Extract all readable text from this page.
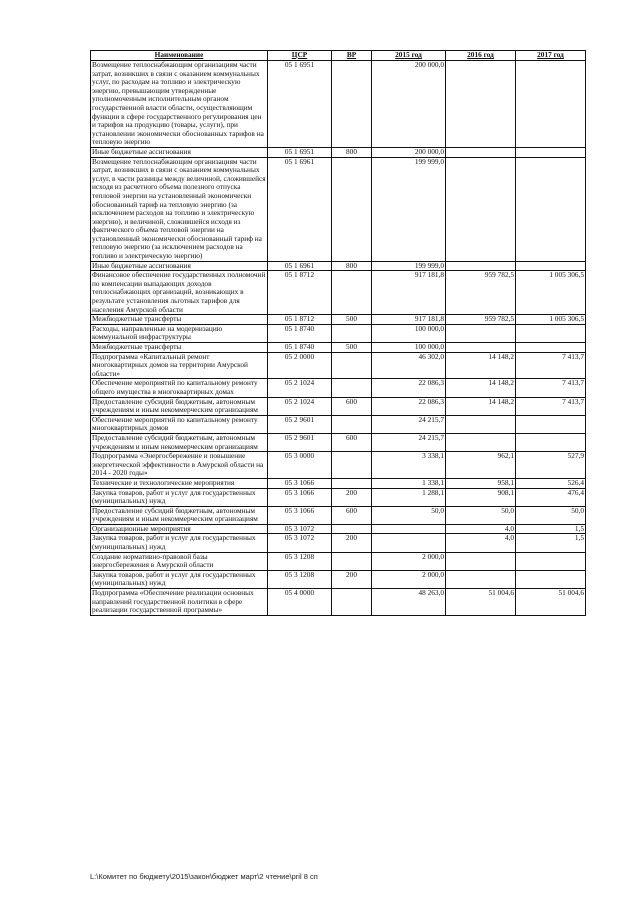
Наименование	ЦСР	ВР	2015 год	2016 год	2017 год
Возмещение теплоснабжающим организациям части затрат, возникших в связи с оказанием коммунальных услуг, по расходам на топливо и электрическую энергию, превышающим утвержденные уполномоченным исполнительным органом государственной власти области, осуществляющим функции в сфере государственного регулирования цен и тарифов на продукцию (товары, услуги), при установлении экономически обоснованных тарифов на тепловую энергию	05 1 6951		200 000,0		
Иные бюджетные ассигнования	05 1 6951	800	200 000,0		
Возмещение теплоснабжающим организациям части затрат, возникших в связи с оказанием коммунальных услуг, в части разницы между величиной, сложившейся исходя из расчетного объема полезного отпуска тепловой энергии на установленный экономически обоснованный тариф на тепловую энергию (за исключением расходов на топливо и электрическую энергию), и величиной, сложившейся исходя из фактического объема тепловой энергии на установленный экономически обоснованный тариф на тепловую энергию (за исключением расходов на топливо и электрическую энергию)	05 1 6961		199 999,0		
Иные бюджетные ассигнования	05 1 6961	800	199 999,0		
Финансовое обеспечение государственных полномочий по компенсации выпадающих доходов теплоснабжающих организаций, возникающих в результате установления льготных тарифов для населения Амурской области	05 1 8712		917 181,8	959 782,5	1 005 306,5
Межбюджетные трансферты	05 1 8712	500	917 181,8	959 782,5	1 005 306,5
Расходы, направленные на модернизацию коммунальной инфраструктуры	05 1 8740		100 000,0		
Межбюджетные трансферты	05 1 8740	500	100 000,0		
Подпрограмма «Капитальный ремонт многоквартирных домов на территории Амурской области»	05 2 0000		46 302,0	14 148,2	7 413,7
Обеспечение мероприятий по капитальному ремонту общего имущества в многоквартирных домах	05 2 1024		22 086,3	14 148,2	7 413,7
Предоставление субсидий бюджетным, автономным учреждениям и иным некоммерческим организациям	05 2 1024	600	22 086,3	14 148,2	7 413,7
Обеспечение мероприятий по капитальному ремонту многоквартирных домов	05 2 9601		24 215,7		
Предоставление субсидий бюджетным, автономным учреждениям и иным некоммерческим организациям	05 2 9601	600	24 215,7		
Подпрограмма «Энергосбережение и повышение энергетической эффективности в Амурской области на 2014 - 2020 годы»	05 3 0000		3 338,1	962,1	527,9
Технические и технологические мероприятия	05 3 1066		1 338,1	958,1	526,4
Закупка товаров, работ и услуг для государственных (муниципальных) нужд	05 3 1066	200	1 288,1	908,1	476,4
Предоставление субсидий бюджетным, автономным учреждениям и иным некоммерческим организациям	05 3 1066	600	50,0	50,0	50,0
Организационные мероприятия	05 3 1072			4,0	1,5
Закупка товаров, работ и услуг для государственных (муниципальных) нужд	05 3 1072	200		4,0	1,5
Создание нормативно-правовой базы энергосбережения в Амурской области	05 3 1208		2 000,0		
Закупка товаров, работ и услуг для государственных (муниципальных) нужд	05 3 1208	200	2 000,0		
Подпрограмма «Обеспечение реализации основных направлений государственной политики в сфере реализации государственной программы»	05 4 0000		48 263,0	51 004,6	51 004,6
L:\Комитет по бюджету\2015\закон\бюджет март\2 чтение\pril 8 сп
